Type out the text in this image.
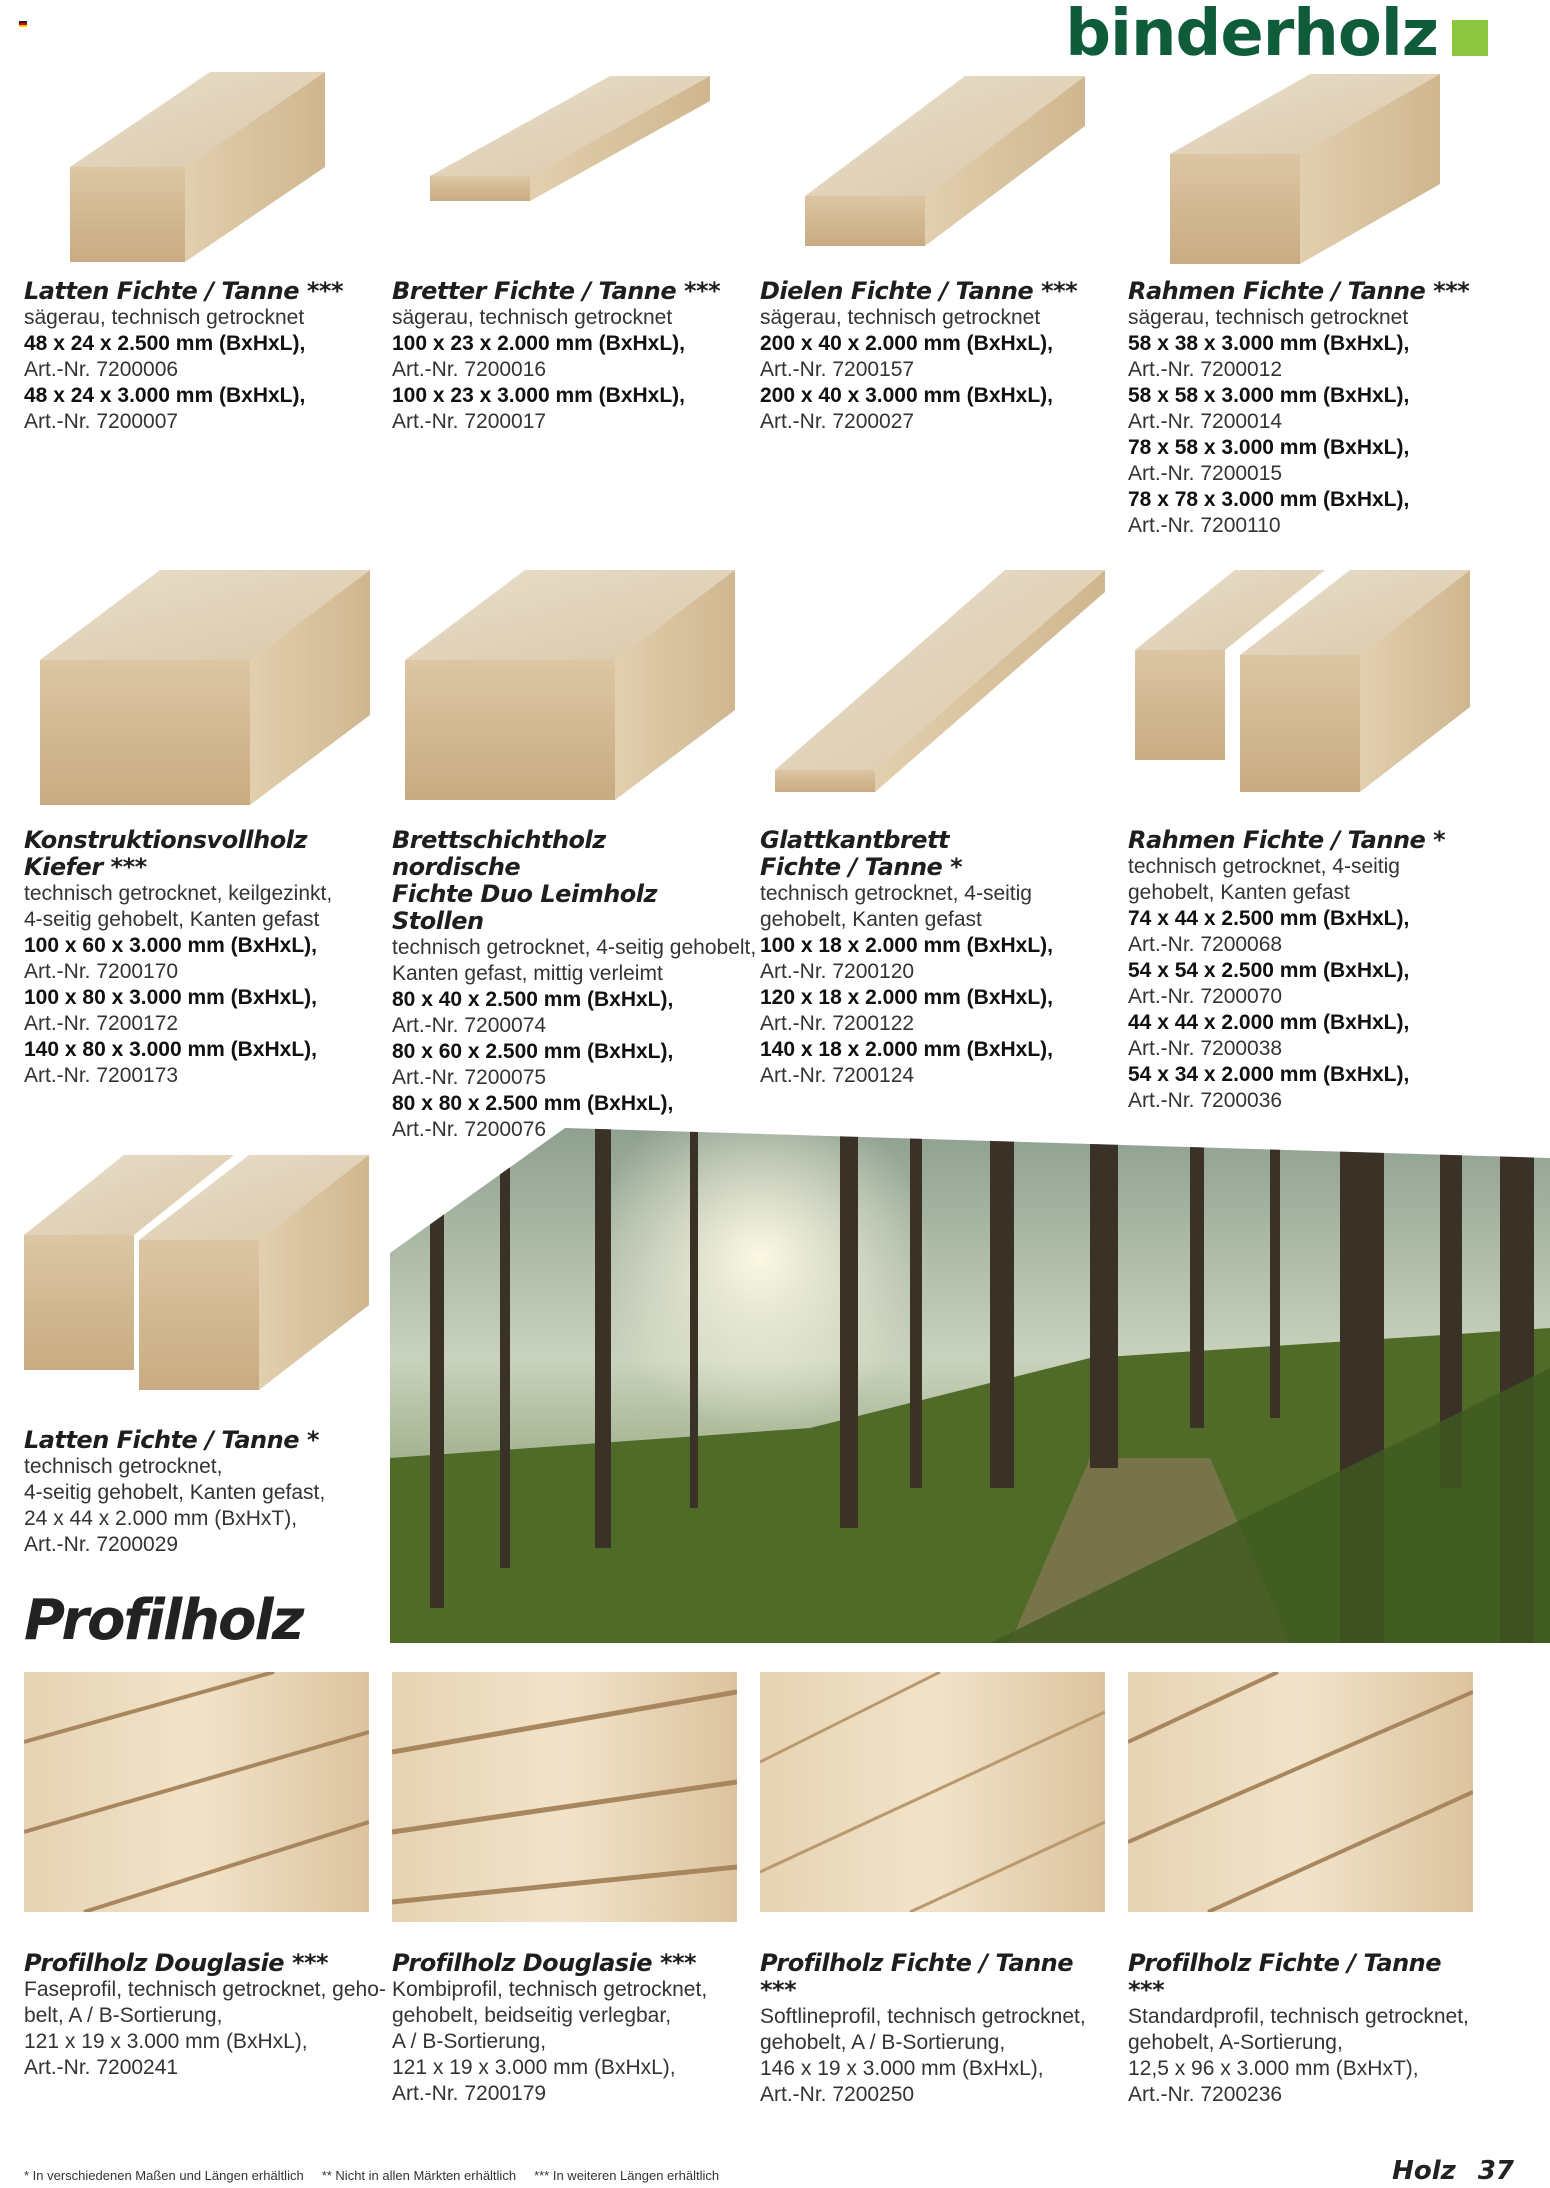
binderholz

Latten Fichte / Tanne ***

sägerau, technisch getrocknet

48 x 24 x 2.500 mm (BxHxL),

Art.-Nr. 7200006

48 x 24 x 3.000 mm (BxHxL),

Art.-Nr. 7200007

Bretter Fichte / Tanne ***

sägerau, technisch getrocknet

100 x 23 x 2.000 mm (BxHxL),

Art.-Nr. 7200016

100 x 23 x 3.000 mm (BxHxL),

Art.-Nr. 7200017

Dielen Fichte / Tanne ***

sägerau, technisch getrocknet

200 x 40 x 2.000 mm (BxHxL),

Art.-Nr. 7200157

200 x 40 x 3.000 mm (BxHxL),

Art.-Nr. 7200027

Rahmen Fichte / Tanne ***

sägerau, technisch getrocknet

58 x 38 x 3.000 mm (BxHxL),

Art.-Nr. 7200012

58 x 58 x 3.000 mm (BxHxL),

Art.-Nr. 7200014

78 x 58 x 3.000 mm (BxHxL),

Art.-Nr. 7200015

78 x 78 x 3.000 mm (BxHxL),

Art.-Nr. 7200110

Konstruktionsvollholz

Kiefer ***

technisch getrocknet, keilgezinkt,

4-seitig gehobelt, Kanten gefast

100 x 60 x 3.000 mm (BxHxL),

Art.-Nr. 7200170

100 x 80 x 3.000 mm (BxHxL),

Art.-Nr. 7200172

140 x 80 x 3.000 mm (BxHxL),

Art.-Nr. 7200173

Brettschichtholz nordische

Fichte Duo Leimholz Stollen

technisch getrocknet, 4-seitig gehobelt,

Kanten gefast, mittig verleimt

80 x 40 x 2.500 mm (BxHxL),

Art.-Nr. 7200074

80 x 60 x 2.500 mm (BxHxL),

Art.-Nr. 7200075

80 x 80 x 2.500 mm (BxHxL),

Art.-Nr. 7200076

Glattkantbrett

Fichte / Tanne *

technisch getrocknet, 4-seitig

gehobelt, Kanten gefast

100 x 18 x 2.000 mm (BxHxL),

Art.-Nr. 7200120

120 x 18 x 2.000 mm (BxHxL),

Art.-Nr. 7200122

140 x 18 x 2.000 mm (BxHxL),

Art.-Nr. 7200124

Rahmen Fichte / Tanne *

technisch getrocknet, 4-seitig

gehobelt, Kanten gefast

74 x 44 x 2.500 mm (BxHxL),

Art.-Nr. 7200068

54 x 54 x 2.500 mm (BxHxL),

Art.-Nr. 7200070

44 x 44 x 2.000 mm (BxHxL),

Art.-Nr. 7200038

54 x 34 x 2.000 mm (BxHxL),

Art.-Nr. 7200036

Latten Fichte / Tanne *

technisch getrocknet,

4-seitig gehobelt, Kanten gefast,

24 x 44 x 2.000 mm (BxHxT),

Art.-Nr. 7200029

Profilholz Douglasie ***

Faseprofil, technisch getrocknet, geho-

belt, A / B-Sortierung,

121 x 19 x 3.000 mm (BxHxL),

Art.-Nr. 7200241

Profilholz Douglasie ***

Kombiprofil, technisch getrocknet,

gehobelt, beidseitig verlegbar,

A / B-Sortierung,

121 x 19 x 3.000 mm (BxHxL),

Art.-Nr. 7200179

Profilholz Fichte / Tanne ***

Softlineprofil, technisch getrocknet,

gehobelt, A / B-Sortierung,

146 x 19 x 3.000 mm (BxHxL),

Art.-Nr. 7200250

Profilholz Fichte / Tanne ***

Standardprofil, technisch getrocknet,

gehobelt, A-Sortierung,

12,5 x 96 x 3.000 mm (BxHxT),

Art.-Nr. 7200236

Profilholz
* In verschiedenen Maßen und Längen erhältlich ** Nicht in allen Märkten erhältlich *** In weiteren Längen erhältlich	Holz 37
